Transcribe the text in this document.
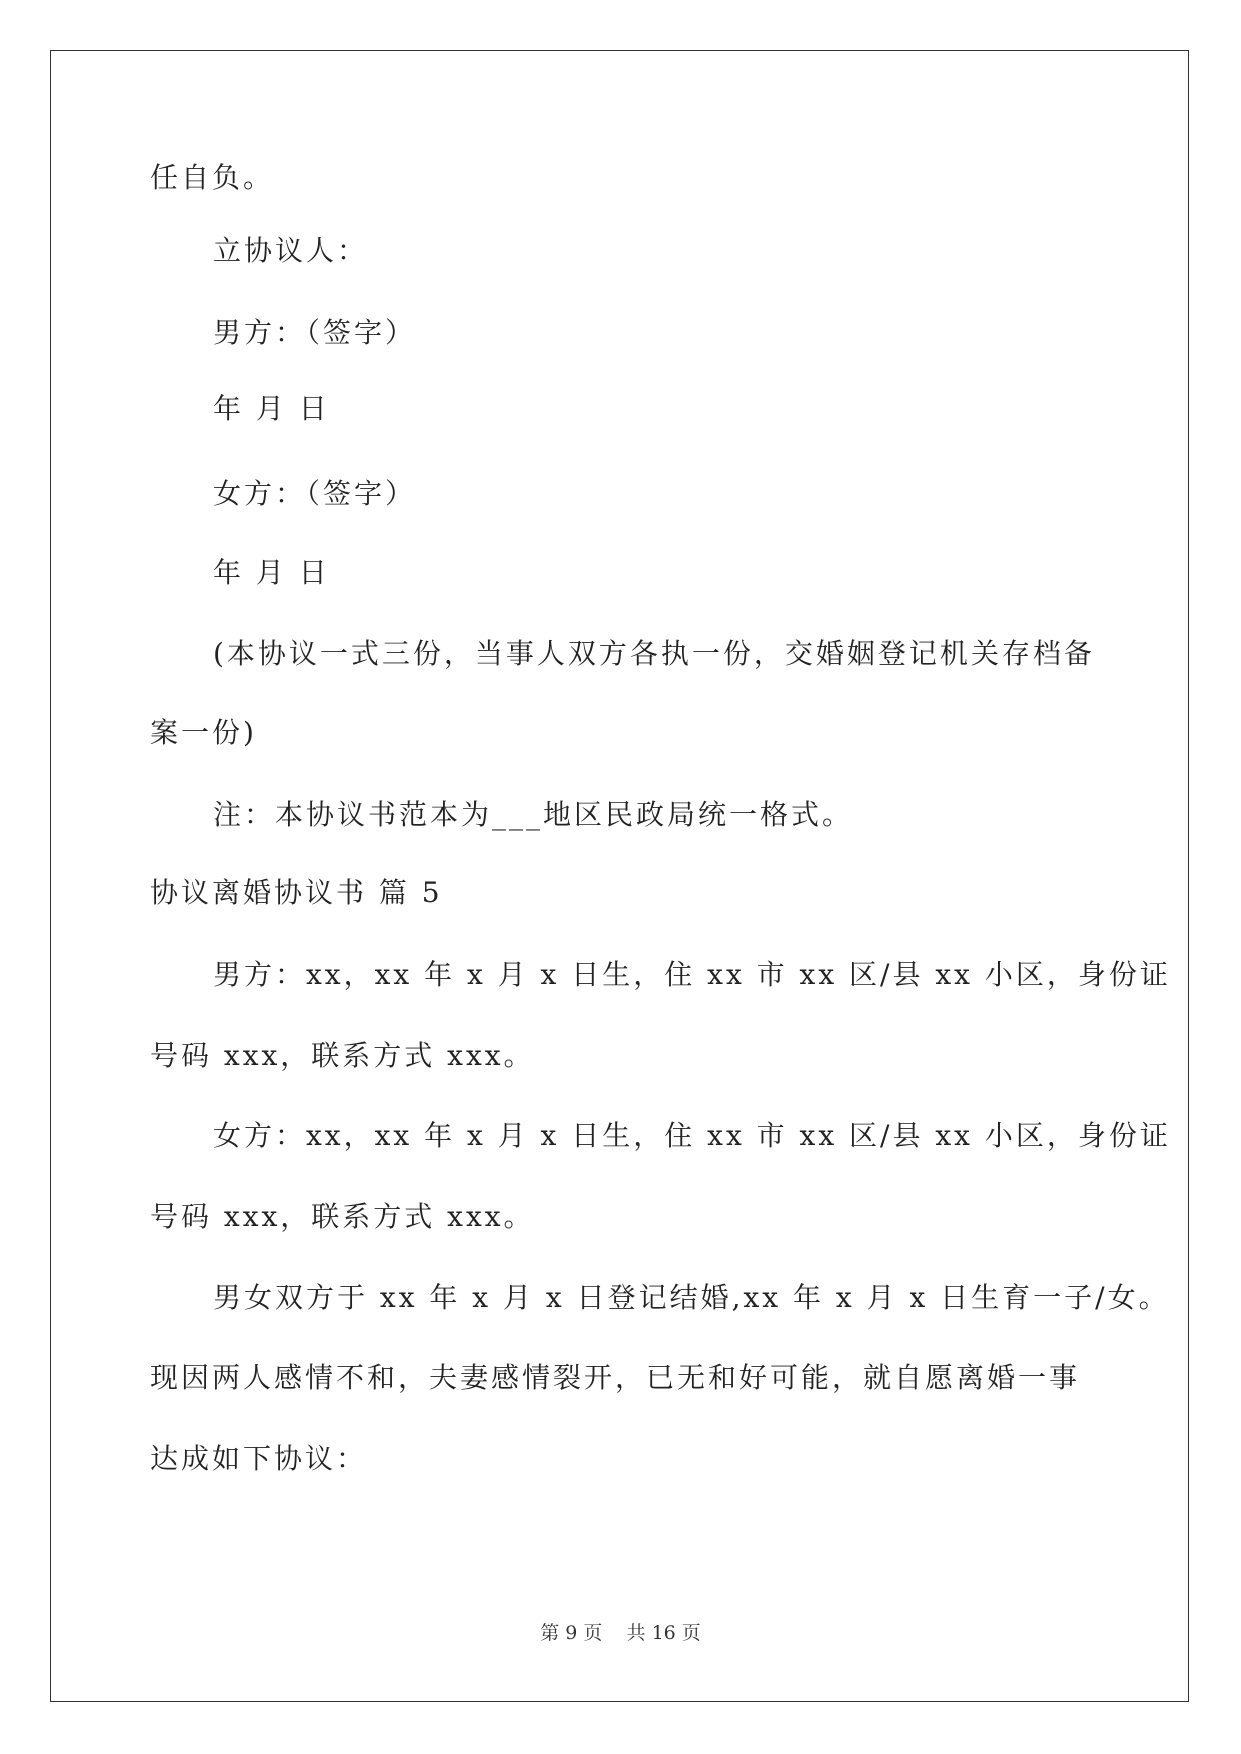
任自负。
立协议人：
男方：（签字）
年 月 日
女方：（签字）
年 月 日
(本协议一式三份，当事人双方各执一份，交婚姻登记机关存档备
案一份)
注：本协议书范本为___地区民政局统一格式。
协议离婚协议书 篇 5
男方：xx，xx 年 x 月 x 日生，住 xx 市 xx 区/县 xx 小区，身份证
号码 xxx，联系方式 xxx。
女方：xx，xx 年 x 月 x 日生，住 xx 市 xx 区/县 xx 小区，身份证
号码 xxx，联系方式 xxx。
男女双方于 xx 年 x 月 x 日登记结婚,xx 年 x 月 x 日生育一子/女。
现因两人感情不和，夫妻感情裂开，已无和好可能，就自愿离婚一事
达成如下协议：
第 9 页    共 16 页
